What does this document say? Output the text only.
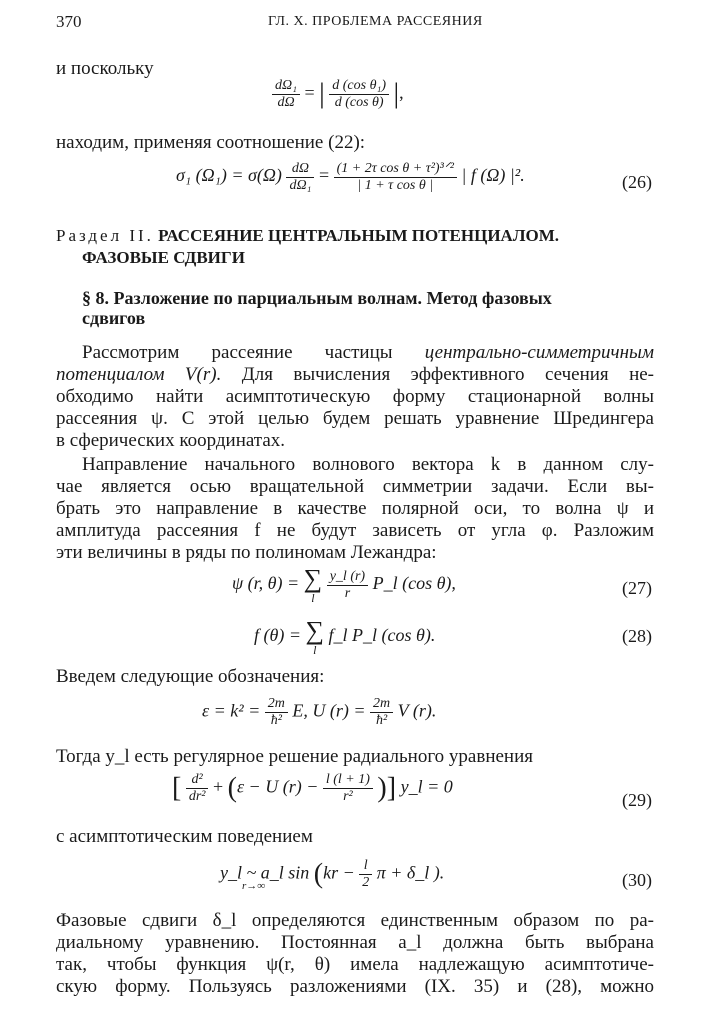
370	ГЛ. X. ПРОБЛЕМА РАССЕЯНИЯ
и поскольку
$\frac{\text{dΩ₁}}{d\Omega}$ = | $\frac{\text{d (cos θ₁)}}{\text{d (cos θ)}}$ |,
находим, применяя соотношение (22):
σ₁ $(\Omega_1) = \sigma(\Omega) \frac{d\Omega}{\text{dΩ₁}} = \frac{\text{(1 + 2τ cos θ + τ²)³ᐟ²}}{\text{| 1 + τ cos θ |}}$ | f (Ω) |².	(26)
Раздел II. РАССЕЯНИЕ ЦЕНТРАЛЬНЫМ ПОТЕНЦИАЛОМ.
ФАЗОВЫЕ СДВИГИ
§ 8. Разложение по парциальным волнам. Метод фазовых
сдвигов
Рассмотрим рассеяние частицы центрально-симметричным
потенциалом V(r). Для вычисления эффективного сечения не-
обходимо найти асимптотическую форму стационарной волны
рассеяния ψ. С этой целью будем решать уравнение Шредингера
в сферических координатах.
Направление начального волнового вектора k в данном слу-
чае является осью вращательной симметрии задачи. Если вы-
брать это направление в качестве полярной оси, то волна ψ и
амплитуда рассеяния f не будут зависеть от угла φ. Разложим
эти величины в ряды по полиномам Лежандра:
ψ (r, θ) = ∑
l
$\frac{y\_l (r)}{r}$ P_l (cos θ),	(27)
f (θ) = ∑
l
f_l P_l (cos θ).	(28)
Введем следующие обозначения:
$\varepsilon = k^2 = \frac{2m}{\text{ħ²}} E$, U $(r) = \frac{2m}{\text{ħ²}}$ V (r).
Тогда y_l есть регулярное решение радиального уравнения
[ $\frac{\text{d²}}{\text{dr²}} + (\varepsilon - U$ $(r) - \frac{l (l + 1)}{\text{r²}}$ )] y_l = 0
(29)
с асимптотическим поведением
y_l ~ a_l $\sin (kr - \frac{l}{2}$ π + δ_l ).
r→∞	(30)
Фазовые сдвиги δ_l определяются единственным образом по ра-
диальному уравнению. Постоянная a_l должна быть выбрана
так, чтобы функция ψ(r, θ) имела надлежащую асимптотиче-
скую форму. Пользуясь разложениями (IX. 35) и (28), можно
